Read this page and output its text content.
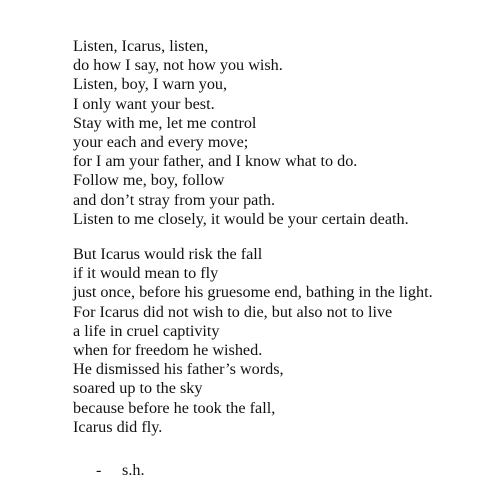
Listen, Icarus, listen,
do how I say, not how you wish.
Listen, boy, I warn you,
I only want your best.
Stay with me, let me control
your each and every move;
for I am your father, and I know what to do.
Follow me, boy, follow
and don’t stray from your path.
Listen to me closely, it would be your certain death.
But Icarus would risk the fall
if it would mean to fly
just once, before his gruesome end, bathing in the light.
For Icarus did not wish to die, but also not to live
a life in cruel captivity
when for freedom he wished.
He dismissed his father’s words,
soared up to the sky
because before he took the fall,
Icarus did fly.
- s.h.
